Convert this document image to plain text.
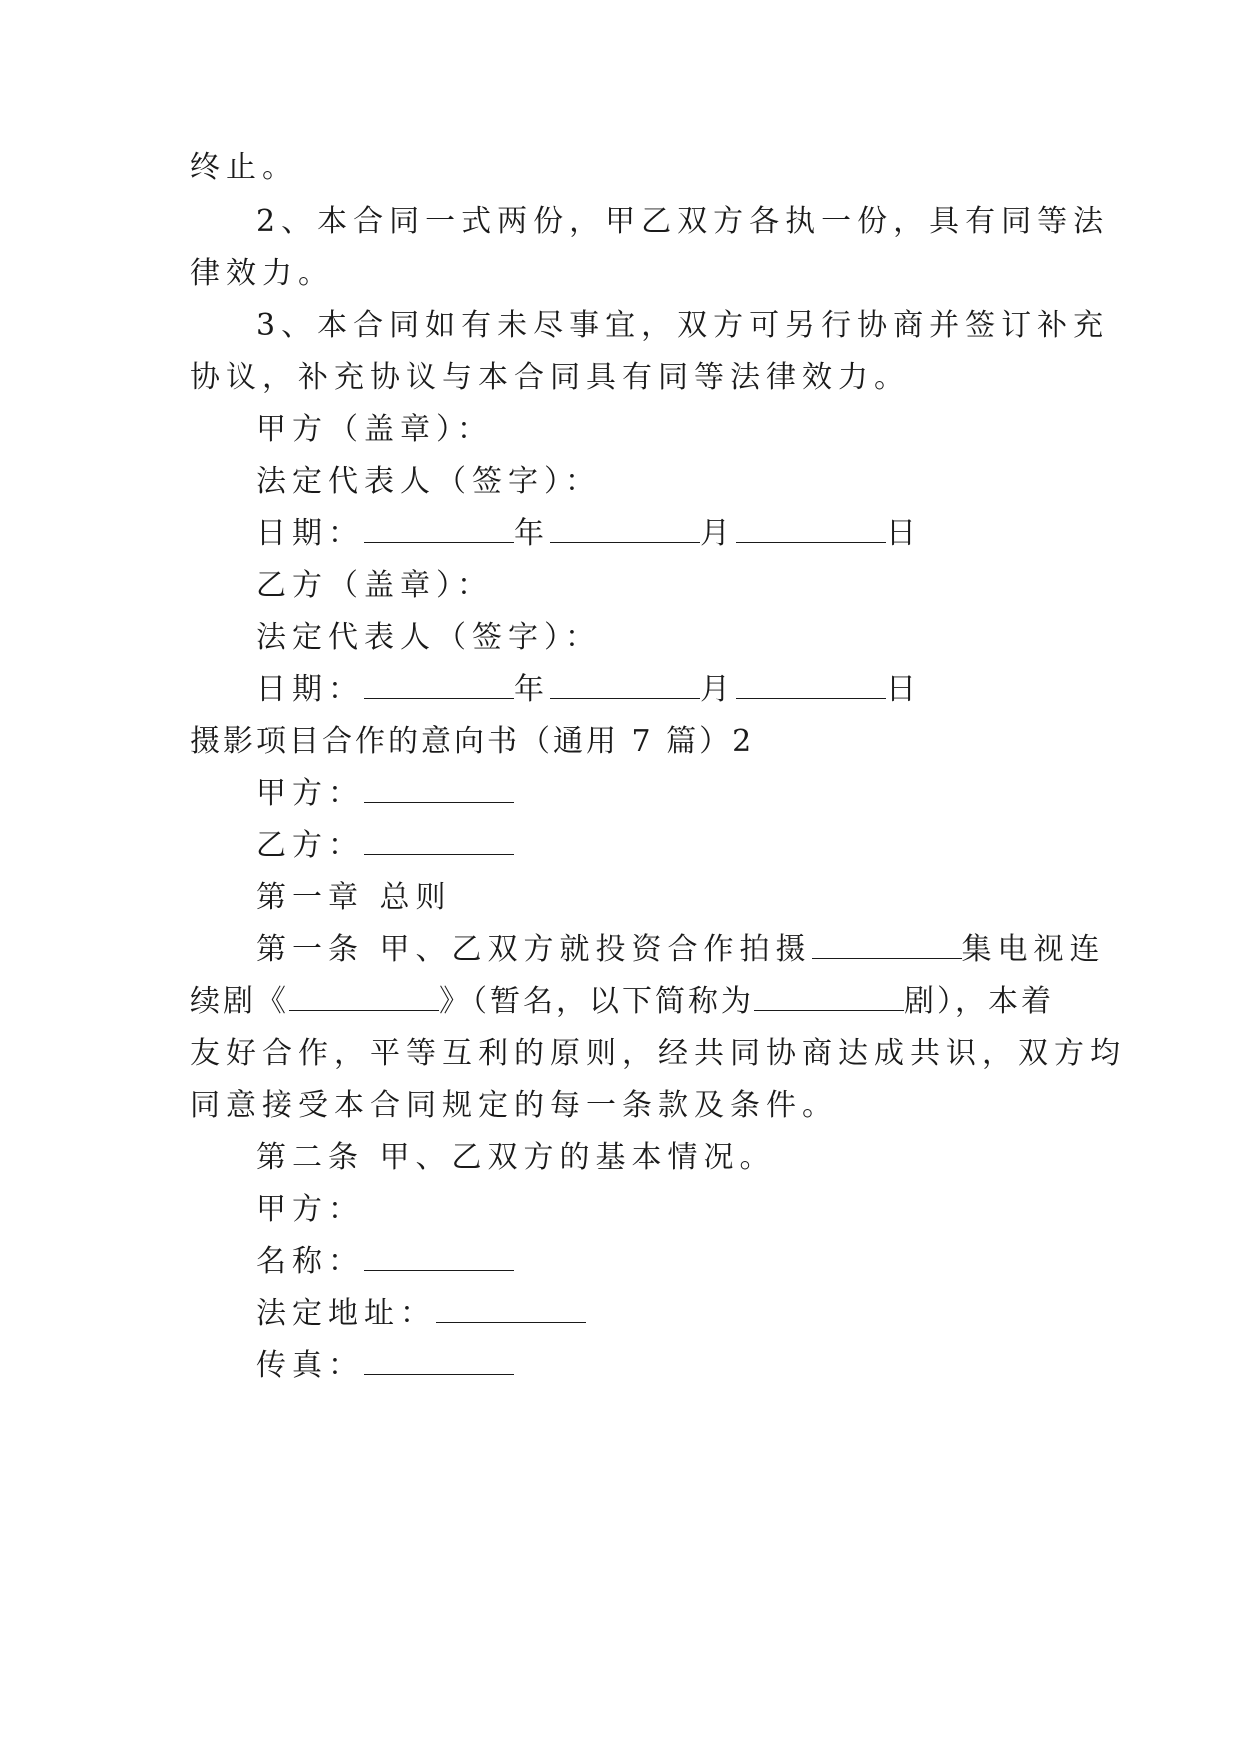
终止。
2、本合同一式两份，甲乙双方各执一份，具有同等法
律效力。
3、本合同如有未尽事宜，双方可另行协商并签订补充
协议，补充协议与本合同具有同等法律效力。
甲方（盖章）：
法定代表人（签字）：
日期：	年	月	日
乙方（盖章）：
法定代表人（签字）：
日期：	年	月	日
摄影项目合作的意向书（通用 7 篇）2
甲方：
乙方：
第一章 总则
第一条 甲、乙双方就投资合作拍摄	集电视连
续剧《	》（暂名，以下简称为	剧），本着
友好合作，平等互利的原则，经共同协商达成共识，双方均
同意接受本合同规定的每一条款及条件。
第二条 甲、乙双方的基本情况。
甲方：
名称：
法定地址：
传真：
